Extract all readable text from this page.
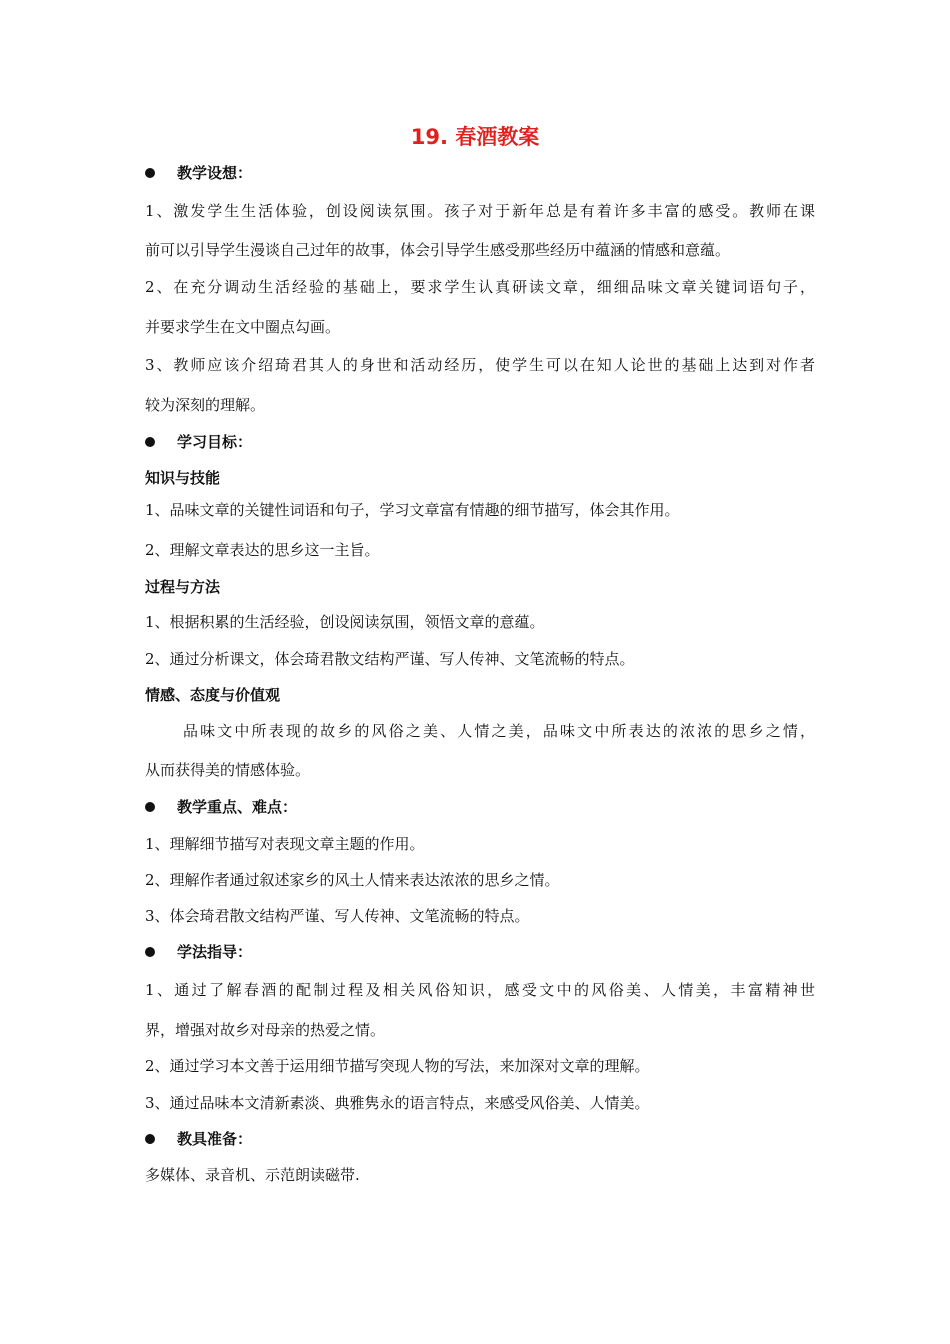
19. 春酒教案
教学设想：
1、激发学生生活体验，创设阅读氛围。孩子对于新年总是有着许多丰富的感受。教师在课
前可以引导学生漫谈自己过年的故事，体会引导学生感受那些经历中蕴涵的情感和意蕴。
2、在充分调动生活经验的基础上，要求学生认真研读文章，细细品味文章关键词语句子，
并要求学生在文中圈点勾画。
3、教师应该介绍琦君其人的身世和活动经历，使学生可以在知人论世的基础上达到对作者
较为深刻的理解。
学习目标：
知识与技能
1、品味文章的关键性词语和句子，学习文章富有情趣的细节描写，体会其作用。
2、理解文章表达的思乡这一主旨。
过程与方法
1、根据积累的生活经验，创设阅读氛围，领悟文章的意蕴。
2、通过分析课文，体会琦君散文结构严谨、写人传神、文笔流畅的特点。
情感、态度与价值观
品味文中所表现的故乡的风俗之美、人情之美，品味文中所表达的浓浓的思乡之情，
从而获得美的情感体验。
教学重点、难点：
1、理解细节描写对表现文章主题的作用。
2、理解作者通过叙述家乡的风土人情来表达浓浓的思乡之情。
3、体会琦君散文结构严谨、写人传神、文笔流畅的特点。
学法指导：
1、通过了解春酒的配制过程及相关风俗知识，感受文中的风俗美、人情美，丰富精神世
界，增强对故乡对母亲的热爱之情。
2、通过学习本文善于运用细节描写突现人物的写法，来加深对文章的理解。
3、通过品味本文清新素淡、典雅隽永的语言特点，来感受风俗美、人情美。
教具准备：
多媒体、录音机、示范朗读磁带.
